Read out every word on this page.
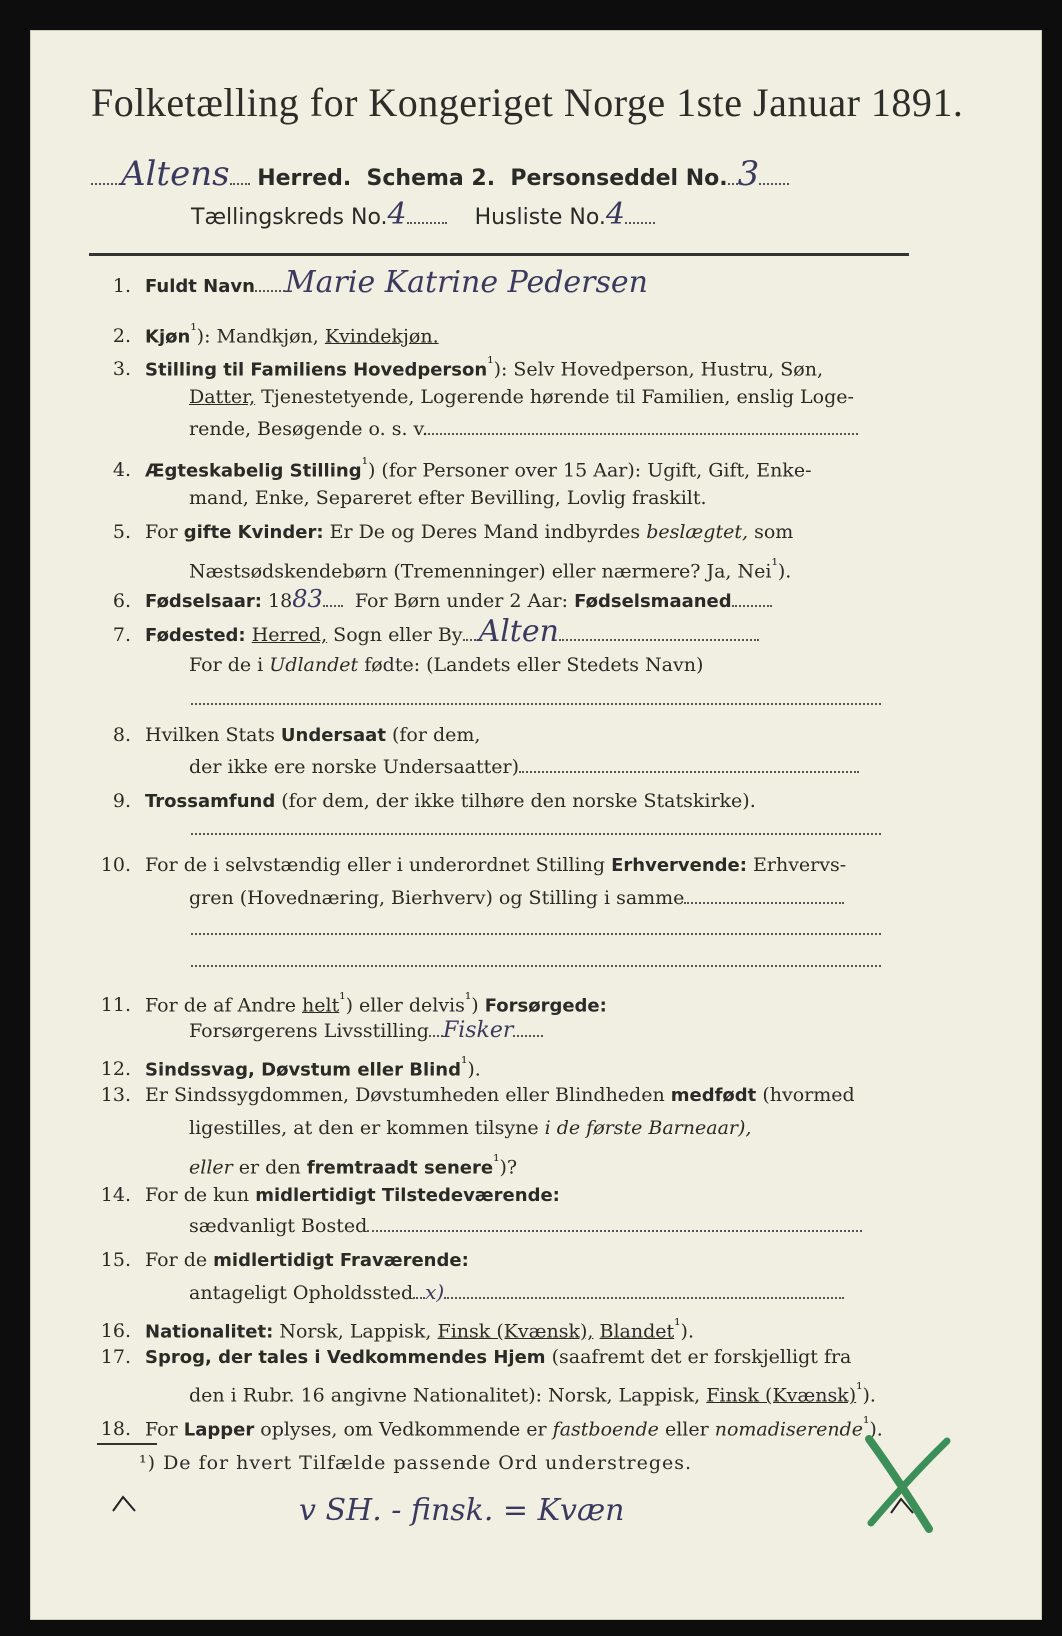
Folketælling for Kongeriget Norge 1ste Januar 1891.
Altens Herred. Schema 2. Personseddel No. 3
Tællingskreds No.4	Husliste No.4
1. Fuldt Navn Marie Katrine Pedersen
2. Kjøn$^{^1}$): Mandkjøn, Kvindekjøn.
3. Stilling til Familiens Hovedperson$^{^1}$): Selv Hovedperson, Hustru, Søn,
Datter, Tjenestetyende, Logerende hørende til Familien, enslig Loge-
rende, Besøgende o. s. v.
4. Ægteskabelig Stilling$^{^1}$) (for Personer over 15 Aar): Ugift, Gift, Enke-
mand, Enke, Separeret efter Bevilling, Lovlig fraskilt.
5. For gifte Kvinder: Er De og Deres Mand indbyrdes beslægtet, som
Næstsødskendebørn (Tremenninger) eller nærmere? Ja, Nei$^{^1}$).
6. Fødselsaar: 1883 For Børn under 2 Aar: Fødselsmaaned
7. Fødested: Herred, Sogn eller By Alten
For de i Udlandet fødte: (Landets eller Stedets Navn)
8. Hvilken Stats Undersaat (for dem,
der ikke ere norske Undersaatter)
9. Trossamfund (for dem, der ikke tilhøre den norske Statskirke).
10. For de i selvstændig eller i underordnet Stilling Erhvervende: Erhvervs-
gren (Hovednæring, Bierhverv) og Stilling i samme
11. For de af Andre helt$^{^1}$) eller delvis$^{^1}$) Forsørgede:
Forsørgerens Livsstilling Fisker
12. Sindssvag, Døvstum eller Blind$^{^1}$).
13. Er Sindssygdommen, Døvstumheden eller Blindheden medfødt (hvormed
ligestilles, at den er kommen tilsyne i de første Barneaar),
eller er den fremtraadt senere$^{^1}$)?
14. For de kun midlertidigt Tilstedeværende:
sædvanligt Bosted
15. For de midlertidigt Fraværende:
antageligt Opholdssted x)
16. Nationalitet: Norsk, Lappisk, Finsk (Kvænsk), Blandet$^{^1}$).
17. Sprog, der tales i Vedkommendes Hjem (saafremt det er forskjelligt fra
den i Rubr. 16 angivne Nationalitet): Norsk, Lappisk, Finsk (Kvænsk)$^{^1}$).
18. For Lapper oplyses, om Vedkommende er fastboende eller nomadiserende$^{^1}$).
¹) De for hvert Tilfælde passende Ord understreges.
v SH. - finsk. = Kvæn
